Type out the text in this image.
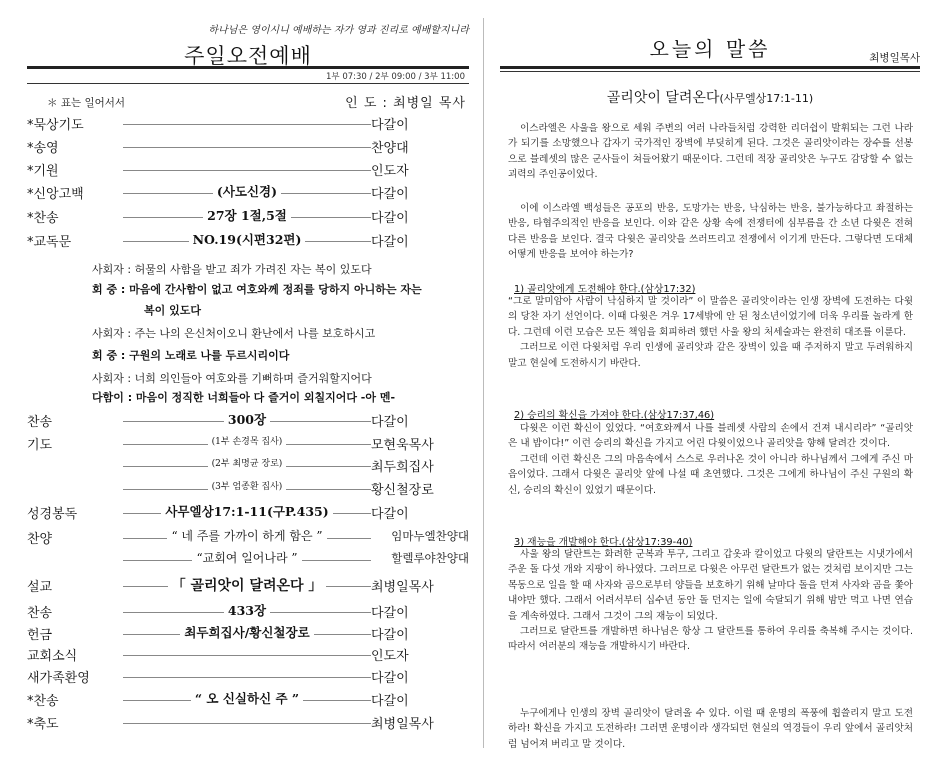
하나님은 영이시니 예배하는 자가 영과 진리로 예배할지니라
주일오전예배
1부 07:30 / 2부 09:00 / 3부 11:00
＊ 표는 일어서서	인 도 : 최병일 목사
*묵상기도	다갈이
*송영	찬양대
*기원	인도자
*신앙고백	(사도신경)	다갈이
*찬송	27장 1절,5절	다갈이
*교독문	NO.19(시편32편)	다갈이
사회자 : 허물의 사함을 받고 죄가 가려진 자는 복이 있도다
회 중 : 마음에 간사함이 없고 여호와께 정죄를 당하지 아니하는 자는
복이 있도다
사회자 : 주는 나의 은신처이오니 환난에서 나를 보호하시고
회 중 : 구원의 노래로 나를 두르시리이다
사회자 : 너희 의인들아 여호와를 기뻐하며 즐거워할지어다
다함이 : 마음이 정직한 너희들아 다 즐거이 외칠지어다 -아 멘-
찬송	300장	다갈이
기도	(1부 손경목 집사)	모현욱목사
(2부 최명균 장로)	최두희집사
(3부 엄종환 집사)	황신철장로
성경봉독	사무엘상17:1-11(구P.435)	다갈이
찬양	“ 네 주를 가까이 하게 함은 ”	임마누엘찬양대
“교회여 일어나라 ”	할렐루야찬양대
설교	「 골리앗이 달려온다 」	최병일목사
찬송	433장	다갈이
헌금	최두희집사/황신철장로	다갈이
교회소식	인도자
새가족환영	다갈이
*찬송	“ 오 신실하신 주 ”	다갈이
*축도	최병일목사
오늘의 말씀	최병일목사
골리앗이 달려온다(사무엘상17:1-11)

이스라엘은 사울을 왕으로 세워 주변의 여러 나라들처럼 강력한 리더쉽이 발휘되는 그런 나라가 되기를 소망했으나 갑자기 국가적인 장벽에 부딪히게 된다. 그것은 골리앗이라는 장수를 선봉으로 블레셋의 많은 군사들이 쳐들어왔기 때문이다. 그런데 적장 골리앗은 누구도 감당할 수 없는 괴력의 주인공이었다.

이에 이스라엘 백성들은 공포의 반응, 도망가는 반응, 낙심하는 반응, 불가능하다고 좌절하는 반응, 타협주의적인 반응을 보인다. 이와 같은 상황 속에 전쟁터에 심부름을 간 소년 다윗은 전혀 다른 반응을 보인다. 결국 다윗은 골리앗을 쓰러뜨리고 전쟁에서 이기게 만든다. 그렇다면 도대체 어떻게 반응을 보여야 하는가?

1) 골리앗에게 도전해야 한다.(삼상17:32)

“그로 말미암아 사람이 낙심하지 말 것이라” 이 말씀은 골리앗이라는 인생 장벽에 도전하는 다윗의 당찬 자기 선언이다. 이때 다윗은 겨우 17세밖에 안 된 청소년이었기에 더욱 우리를 놀라게 한다. 그런데 이런 모습은 모든 책임을 회피하려 했던 사울 왕의 처세술과는 완전히 대조를 이룬다.

그러므로 이런 다윗처럼 우리 인생에 골리앗과 같은 장벽이 있을 때 주저하지 말고 두려워하지 말고 현실에 도전하시기 바란다.

2) 승리의 확신을 가져야 한다.(삼상17:37,46)

다윗은 이런 확신이 있었다. “여호와께서 나를 블레셋 사람의 손에서 건져 내시리라” “골리앗은 내 밥이다!” 이런 승리의 확신을 가지고 어린 다윗이었으나 골리앗을 향해 달려간 것이다.

그런데 이런 확신은 그의 마음속에서 스스로 우러나온 것이 아니라 하나님께서 그에게 주신 마음이었다. 그래서 다윗은 골리앗 앞에 나설 때 초연했다. 그것은 그에게 하나님이 주신 구원의 확신, 승리의 확신이 있었기 때문이다.

3) 재능을 개발해야 한다.(삼상17:39-40)

사울 왕의 달란트는 화려한 군복과 투구, 그리고 갑옷과 칼이었고 다윗의 달란트는 시냇가에서 주운 돌 다섯 개와 지팡이 하나였다. 그러므로 다윗은 아무런 달란트가 없는 것처럼 보이지만 그는 목동으로 일을 할 때 사자와 곰으로부터 양들을 보호하기 위해 날마다 돌을 던져 사자와 곰을 쫓아내야만 했다. 그래서 어려서부터 십수년 동안 돌 던지는 일에 숙달되기 위해 밤만 먹고 나면 연습을 계속하였다. 그래서 그것이 그의 재능이 되었다.

그러므로 달란트를 개발하면 하나님은 항상 그 달란트를 통하여 우리를 축복해 주시는 것이다. 따라서 여러분의 재능을 개발하시기 바란다.

누구에게나 인생의 장벽 골리앗이 달려올 수 있다. 이럴 때 운명의 폭풍에 휩쓸리지 말고 도전하라! 확신을 가지고 도전하라! 그러면 운명이라 생각되던 현실의 역경들이 우리 앞에서 골리앗처럼 넘어져 버리고 말 것이다.
